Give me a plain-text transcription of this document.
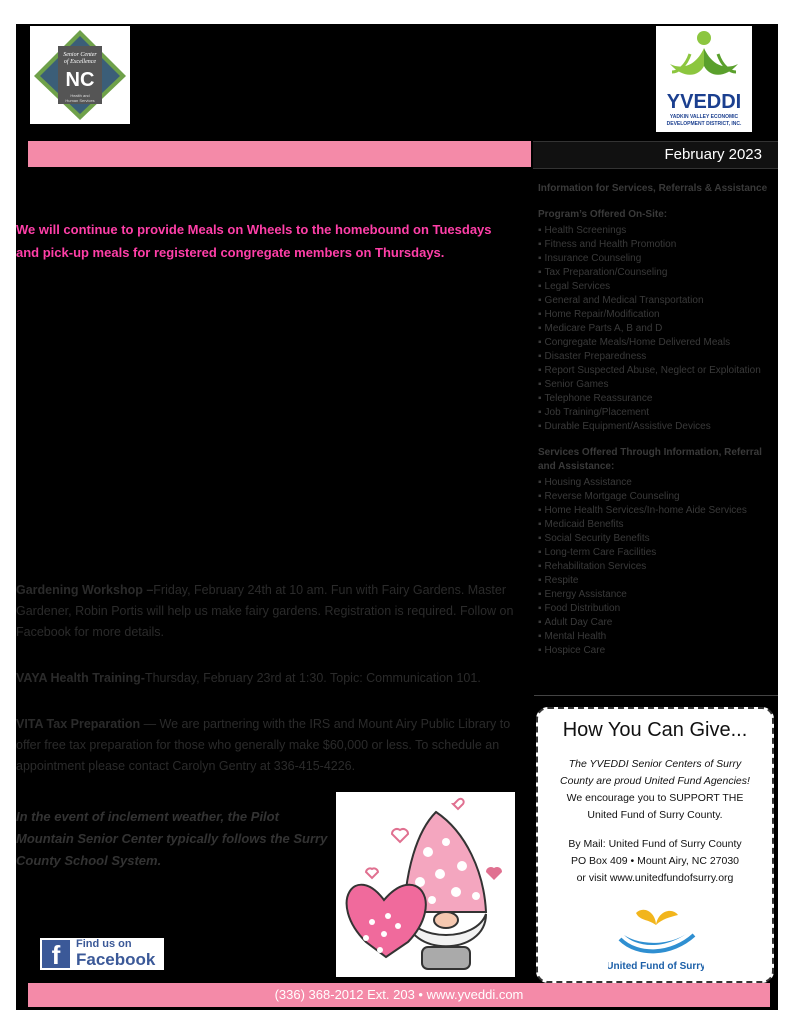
Senior Center
of Excellence
NC
Health and
Human Services	YVEDDI
YADKIN VALLEY ECONOMIC
DEVELOPMENT DISTRICT, INC.
February 2023
We will continue to provide Meals on Wheels to the homebound on Tuesdays and pick-up meals for registered congregate members on Thursdays.
Gardening Workshop –Friday, February 24th at 10 am. Fun with Fairy Gardens. Master Gardener, Robin Portis will help us make fairy gardens. Registration is required. Follow on Facebook for more details.
VAYA Health Training-Thursday, February 23rd at 1:30. Topic: Communication 101.
VITA Tax Preparation — We are partnering with the IRS and Mount Airy Public Library to offer free tax preparation for those who generally make $60,000 or less. To schedule an appointment please contact Carolyn Gentry at 336-415-4226.
In the event of inclement weather, the Pilot Mountain Senior Center typically follows the Surry County School System.
Information for Services, Referrals & Assistance
Program’s Offered On-Site:
▪ Health Screenings
▪ Fitness and Health Promotion
▪ Insurance Counseling
▪ Tax Preparation/Counseling
▪ Legal Services
▪ General and Medical Transportation
▪ Home Repair/Modification
▪ Medicare Parts A, B and D
▪ Congregate Meals/Home Delivered Meals
▪ Disaster Preparedness
▪ Report Suspected Abuse, Neglect or Exploitation
▪ Senior Games
▪ Telephone Reassurance
▪ Job Training/Placement
▪ Durable Equipment/Assistive Devices
Services Offered Through Information, Referral and Assistance:
▪ Housing Assistance
▪ Reverse Mortgage Counseling
▪ Home Health Services/In-home Aide Services
▪ Medicaid Benefits
▪ Social Security Benefits
▪ Long-term Care Facilities
▪ Rehabilitation Services
▪ Respite
▪ Energy Assistance
▪ Food Distribution
▪ Adult Day Care
▪ Mental Health
▪ Hospice Care
How You Can Give...
The YVEDDI Senior Centers of Surry County are proud United Fund Agencies!
We encourage you to SUPPORT THE United Fund of Surry County.
By Mail: United Fund of Surry County
PO Box 409 • Mount Airy, NC 27030
or visit www.unitedfundofsurry.org
United Fund of Surry
f	Find us on
Facebook
(336) 368-2012 Ext. 203 • www.yveddi.com
